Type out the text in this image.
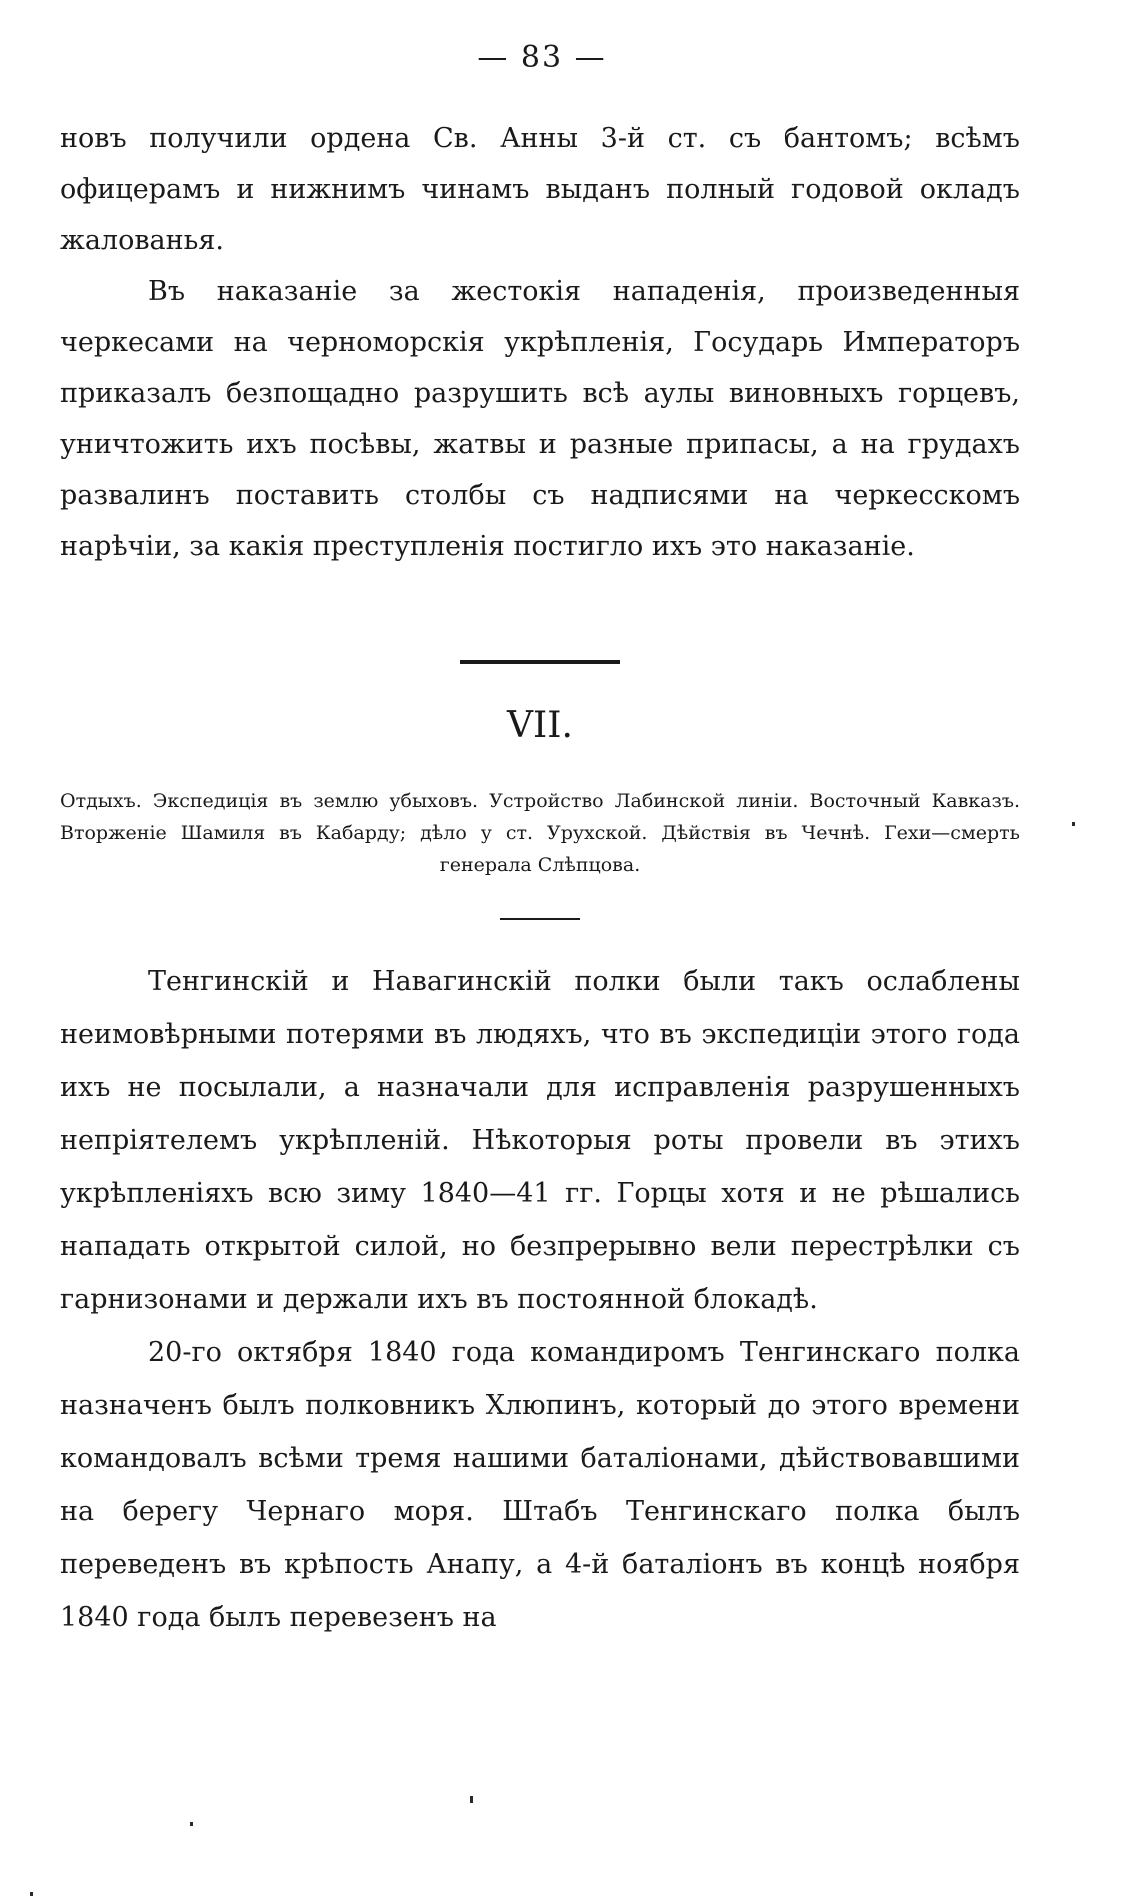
— 83 —

новъ получили ордена Св. Анны 3-й ст. съ бантомъ; всѣмъ офицерамъ и нижнимъ чинамъ выданъ полный годовой окладъ жалованья.

Въ наказаніе за жестокія нападенія, произведенныя черкесами на черноморскія укрѣпленія, Государь Императоръ приказалъ безпощадно разрушить всѣ аулы виновныхъ горцевъ, уничтожить ихъ посѣвы, жатвы и разные припасы, а на грудахъ развалинъ поставить столбы съ надписями на черкесскомъ нарѣчіи, за какія преступленія постигло ихъ это наказаніе.

VII.

Отдыхъ. Экспедиція въ землю убыховъ. Устройство Лабинской линіи. Восточный Кавказъ. Вторженіе Шамиля въ Кабарду; дѣло у ст. Урухской. Дѣйствія въ Чечнѣ. Гехи—смерть генерала Слѣпцова.

Тенгинскій и Навагинскій полки были такъ ослаблены неимовѣрными потерями въ людяхъ, что въ экспедиціи этого года ихъ не посылали, а назначали для исправленія разрушенныхъ непріятелемъ укрѣпленій. Нѣкоторыя роты провели въ этихъ укрѣпленіяхъ всю зиму 1840—41 гг. Горцы хотя и не рѣшались нападать открытой силой, но безпрерывно вели перестрѣлки съ гарнизонами и держали ихъ въ постоянной блокадѣ.

20-го октября 1840 года командиромъ Тенгинскаго полка назначенъ былъ полковникъ Хлюпинъ, который до этого времени командовалъ всѣми тремя нашими баталіонами, дѣйствовавшими на берегу Чернаго моря. Штабъ Тенгинскаго полка былъ переведенъ въ крѣпость Анапу, а 4-й баталіонъ въ концѣ ноября 1840 года былъ перевезенъ на
